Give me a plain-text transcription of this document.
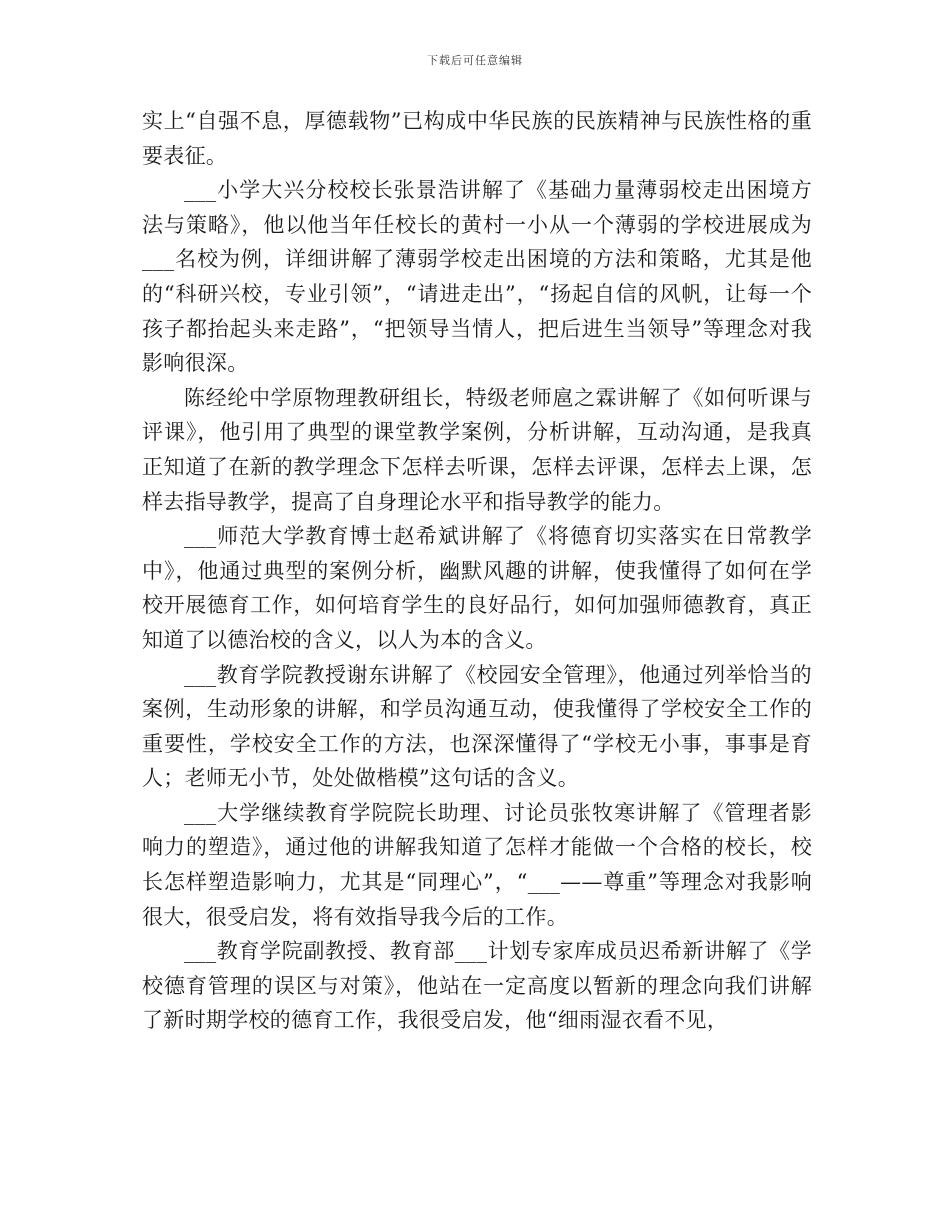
下载后可任意编辑

实上“自强不息，厚德载物”已构成中华民族的民族精神与民族性格的重要表征。

___小学大兴分校校长张景浩讲解了《基础力量薄弱校走出困境方法与策略》，他以他当年任校长的黄村一小从一个薄弱的学校进展成为___名校为例，详细讲解了薄弱学校走出困境的方法和策略，尤其是他的“科研兴校，专业引领”，“请进走出”，“扬起自信的风帆，让每一个孩子都抬起头来走路”，“把领导当情人，把后进生当领导”等理念对我影响很深。

陈经纶中学原物理教研组长，特级老师扈之霖讲解了《如何听课与评课》，他引用了典型的课堂教学案例，分析讲解，互动沟通，是我真正知道了在新的教学理念下怎样去听课，怎样去评课，怎样去上课，怎样去指导教学，提高了自身理论水平和指导教学的能力。

___师范大学教育博士赵希斌讲解了《将德育切实落实在日常教学中》，他通过典型的案例分析，幽默风趣的讲解，使我懂得了如何在学校开展德育工作，如何培育学生的良好品行，如何加强师德教育，真正知道了以德治校的含义，以人为本的含义。

___教育学院教授谢东讲解了《校园安全管理》，他通过列举恰当的案例，生动形象的讲解，和学员沟通互动，使我懂得了学校安全工作的重要性，学校安全工作的方法，也深深懂得了“学校无小事，事事是育人；老师无小节，处处做楷模”这句话的含义。

___大学继续教育学院院长助理、讨论员张牧寒讲解了《管理者影响力的塑造》，通过他的讲解我知道了怎样才能做一个合格的校长，校长怎样塑造影响力，尤其是“同理心”，“___——尊重”等理念对我影响很大，很受启发，将有效指导我今后的工作。

___教育学院副教授、教育部___计划专家库成员迟希新讲解了《学校德育管理的误区与对策》，他站在一定高度以暂新的理念向我们讲解了新时期学校的德育工作，我很受启发，他“细雨湿衣看不见，
